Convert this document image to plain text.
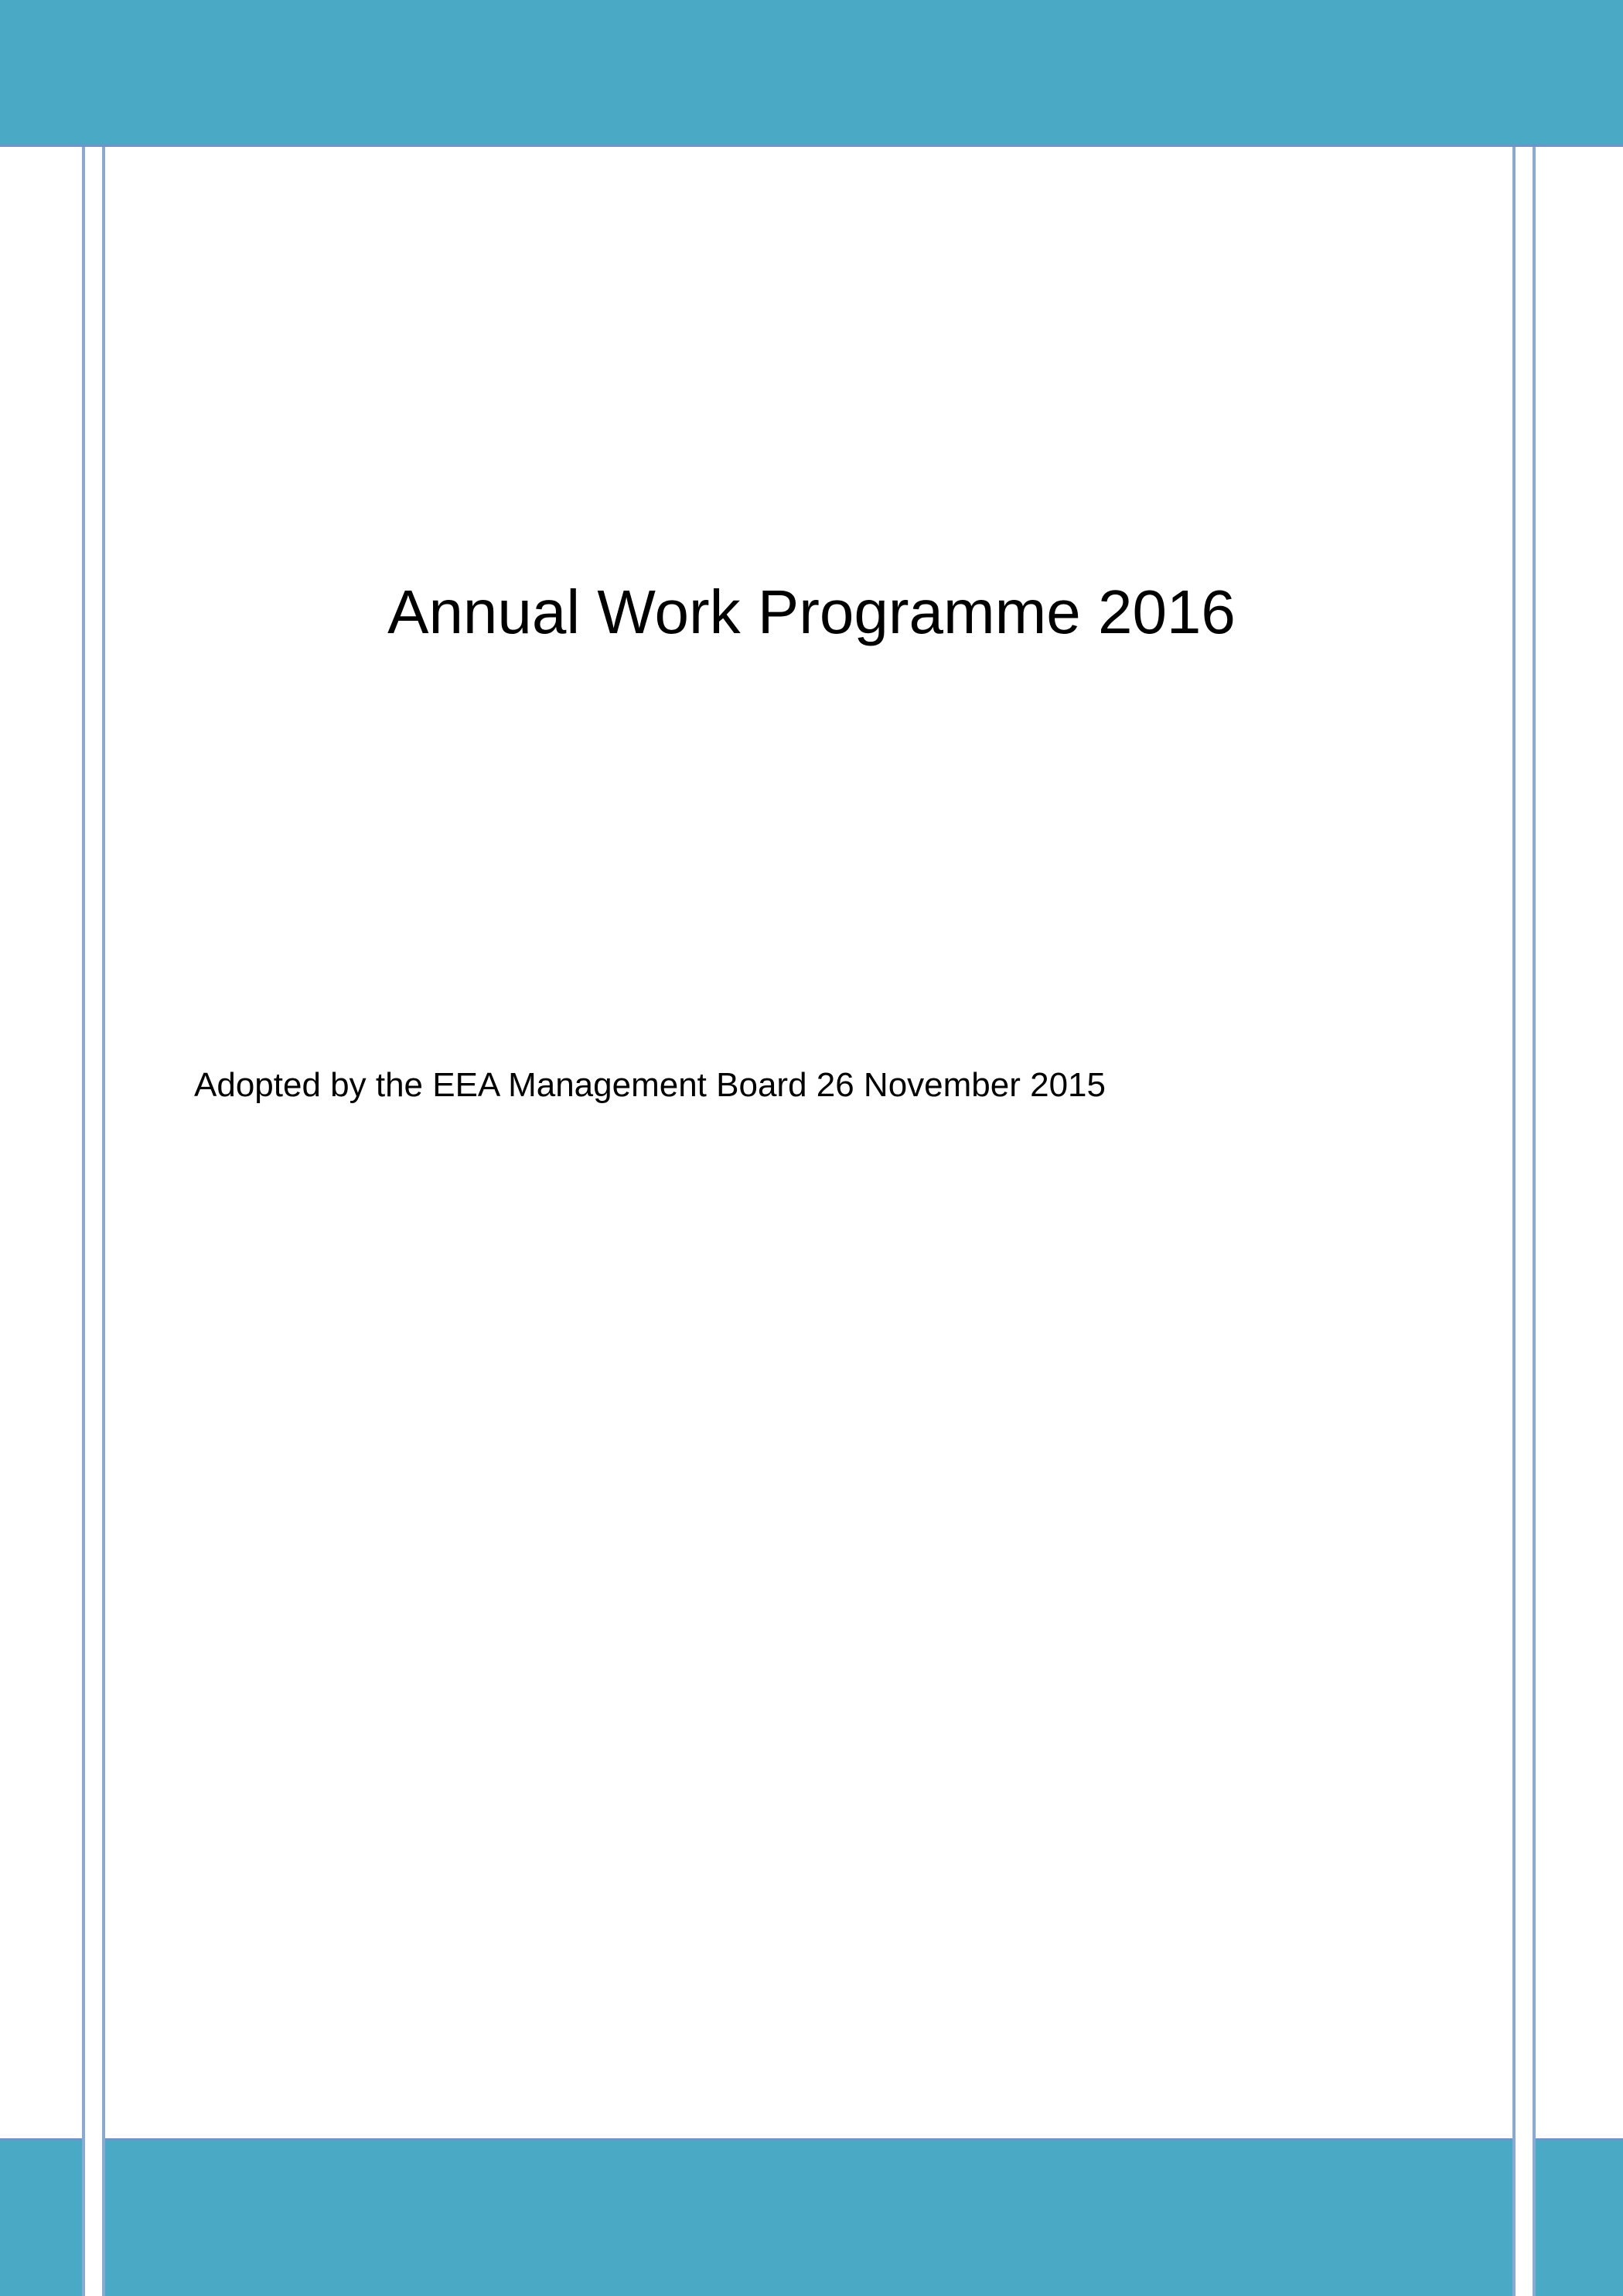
Annual Work Programme 2016

Adopted by the EEA Management Board 26 November 2015
